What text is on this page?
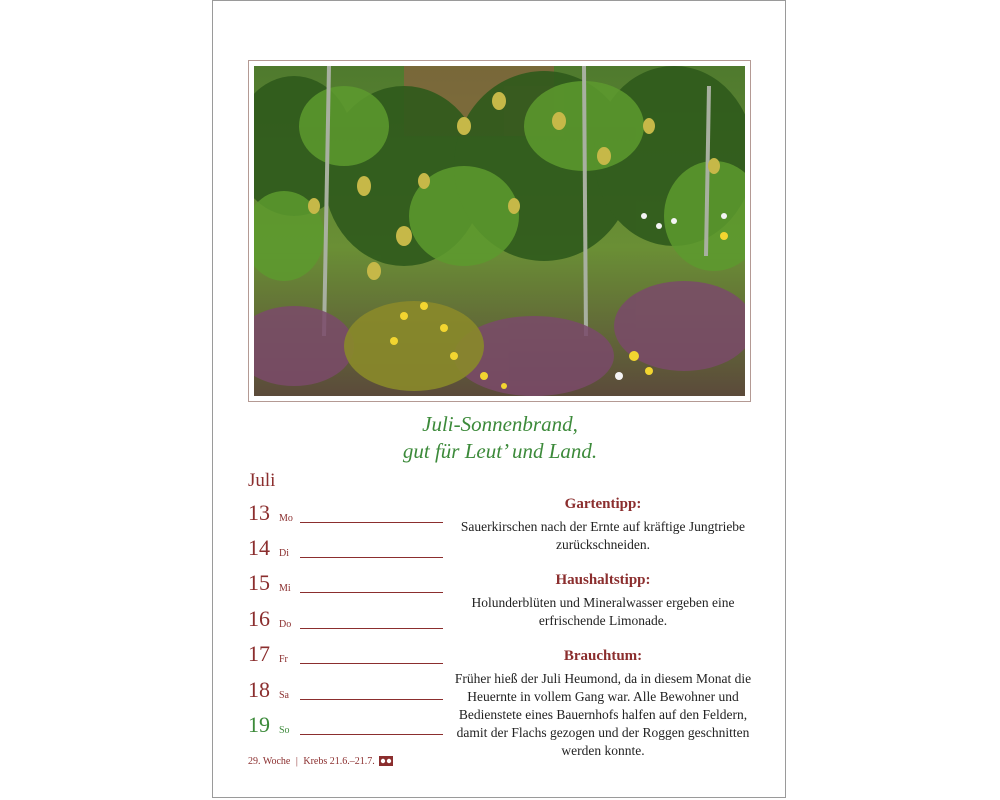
Juli-Sonnenbrand,
gut für Leut’ und Land.
Juli
13 Mo
14 Di
15 Mi
16 Do
17 Fr
18 Sa
19 So
Gartentipp:

Sauerkirschen nach der Ernte auf kräftige Jungtriebe zurückschneiden.

Haushaltstipp:

Holunderblüten und Mineralwasser ergeben eine erfrischende Limonade.

Brauchtum:

Früher hieß der Juli Heumond, da in diesem Monat die Heuernte in vollem Gang war. Alle Bewohner und Bedienstete eines Bauernhofs halfen auf den Feldern, damit der Flachs gezogen und der Roggen geschnitten werden konnte.

29. Woche | Krebs 21.6.–21.7.
